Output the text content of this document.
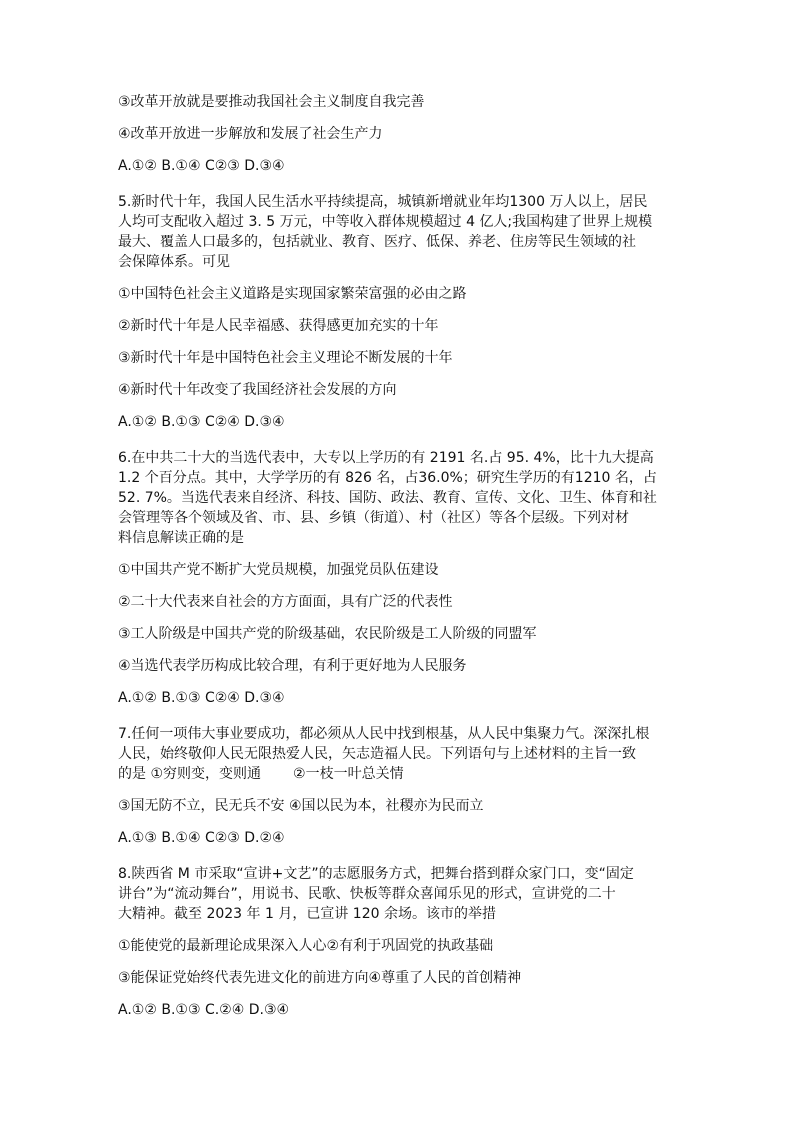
③改革开放就是要推动我国社会主义制度自我完善
④改革开放进一步解放和发展了社会生产力
A.①② B.①④ C②③ D.③④
5.新时代十年，我国人民生活水平持续提高，城镇新增就业年均1300 万人以上，居民
人均可支配收入超过 3. 5 万元，中等收入群体规模超过 4 亿人;我国构建了世界上规模
最大、覆盖人口最多的，包括就业、教育、医疗、低保、养老、住房等民生领域的社
会保障体系。可见
①中国特色社会主义道路是实现国家繁荣富强的必由之路
②新时代十年是人民幸福感、获得感更加充实的十年
③新时代十年是中国特色社会主义理论不断发展的十年
④新时代十年改变了我国经济社会发展的方向
A.①② B.①③ C②④ D.③④
6.在中共二十大的当选代表中，大专以上学历的有 2191 名.占 95. 4%，比十九大提高
1.2 个百分点。其中，大学学历的有 826 名，占36.0%；研究生学历的有1210 名，占
52. 7%。当选代表来自经济、科技、国防、政法、教育、宣传、文化、卫生、体育和社
会管理等各个领域及省、市、县、乡镇（街道）、村（社区）等各个层级。下列对材
料信息解读正确的是
①中国共产党不断扩大党员规模，加强党员队伍建设
②二十大代表来自社会的方方面面，具有广泛的代表性
③工人阶级是中国共产党的阶级基础，农民阶级是工人阶级的同盟军
④当选代表学历构成比较合理，有利于更好地为人民服务
A.①② B.①③ C②④ D.③④
7.任何一项伟大事业要成功，都必须从人民中找到根基，从人民中集聚力气。深深扎根
人民，始终敬仰人民无限热爱人民，矢志造福人民。下列语句与上述材料的主旨一致
的是 ①穷则变，变则通 ②一枝一叶总关情
③国无防不立，民无兵不安 ④国以民为本，社稷亦为民而立
A.①③ B.①④ C②③ D.②④
8.陕西省 M 市采取“宣讲+文艺”的志愿服务方式，把舞台搭到群众家门口，变“固定
讲台”为“流动舞台”，用说书、民歌、快板等群众喜闻乐见的形式，宣讲党的二十
大精神。截至 2023 年 1 月，已宣讲 120 余场。该市的举措
①能使党的最新理论成果深入人心②有利于巩固党的执政基础
③能保证党始终代表先进文化的前进方向④尊重了人民的首创精神
A.①② B.①③ C.②④ D.③④
